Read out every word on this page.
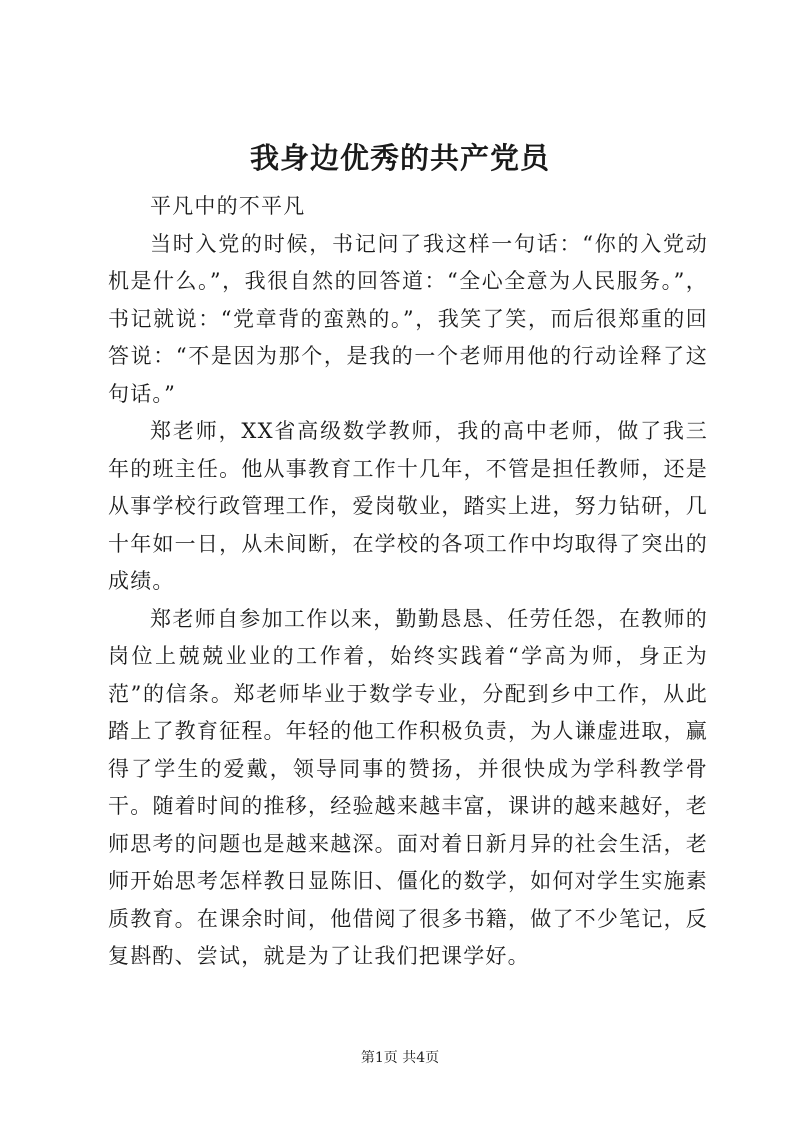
我身边优秀的共产党员

平凡中的不平凡

当时入党的时候，书记问了我这样一句话：“你的入党动机是什么。”，我很自然的回答道：“全心全意为人民服务。”，书记就说：“党章背的蛮熟的。”，我笑了笑，而后很郑重的回答说：“不是因为那个，是我的一个老师用他的行动诠释了这句话。”

郑老师，XX省高级数学教师，我的高中老师，做了我三年的班主任。他从事教育工作十几年，不管是担任教师，还是从事学校行政管理工作，爱岗敬业，踏实上进，努力钻研，几十年如一日，从未间断，在学校的各项工作中均取得了突出的成绩。

郑老师自参加工作以来，勤勤恳恳、任劳任怨，在教师的岗位上兢兢业业的工作着，始终实践着“学高为师，身正为范”的信条。郑老师毕业于数学专业，分配到乡中工作，从此踏上了教育征程。年轻的他工作积极负责，为人谦虚进取，赢得了学生的爱戴，领导同事的赞扬，并很快成为学科教学骨干。随着时间的推移，经验越来越丰富，课讲的越来越好，老师思考的问题也是越来越深。面对着日新月异的社会生活，老师开始思考怎样教日显陈旧、僵化的数学，如何对学生实施素质教育。在课余时间，他借阅了很多书籍，做了不少笔记，反复斟酌、尝试，就是为了让我们把课学好。

第1页 共4页
